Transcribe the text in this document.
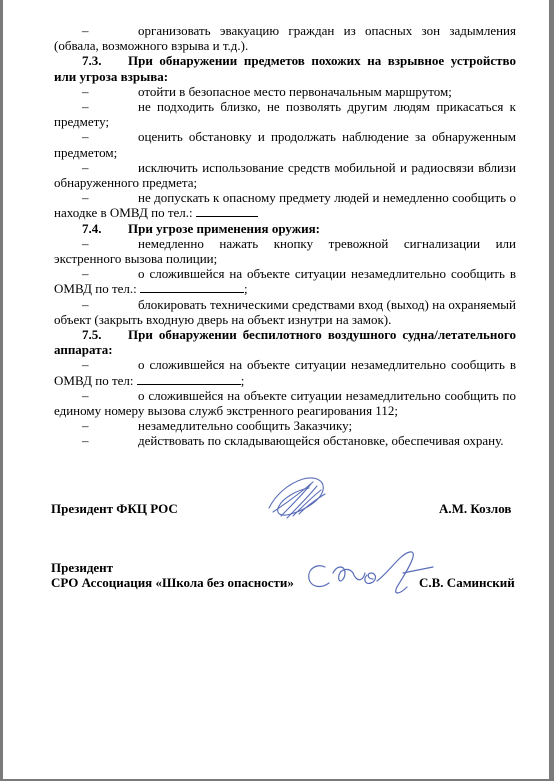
–	организовать эвакуацию граждан из опасных зон задымления (обвала, возможного взрыва и т.д.).

7.3. При обнаружении предметов похожих на взрывное устройство или угроза взрыва:

–	отойти в безопасное место первоначальным маршрутом;

–	не подходить близко, не позволять другим людям прикасаться к предмету;

–	оценить обстановку и продолжать наблюдение за обнаруженным предметом;

–	исключить использование средств мобильной и радиосвязи вблизи обнаруженного предмета;

–	не допускать к опасному предмету людей и немедленно сообщить о находке в ОМВД по тел.:

7.4. При угрозе применения оружия:

–	немедленно нажать кнопку тревожной сигнализации или экстренного вызова полиции;

–	о сложившейся на объекте ситуации незамедлительно сообщить в ОМВД по тел.:	;

–	блокировать техническими средствами вход (выход) на охраняемый объект (закрыть входную дверь на объект изнутри на замок).

7.5. При обнаружении беспилотного воздушного судна/летательного аппарата:

–	о сложившейся на объекте ситуации незамедлительно сообщить в ОМВД по тел:	;

–	о сложившейся на объекте ситуации незамедлительно сообщить по единому номеру вызова служб экстренного реагирования 112;

–	незамедлительно сообщить Заказчику;

–	действовать по складывающейся обстановке, обеспечивая охрану.

Президент ФКЦ РОС	А.М. Козлов
Президент
СРО Ассоциация «Школа без опасности»	С.В. Саминский
